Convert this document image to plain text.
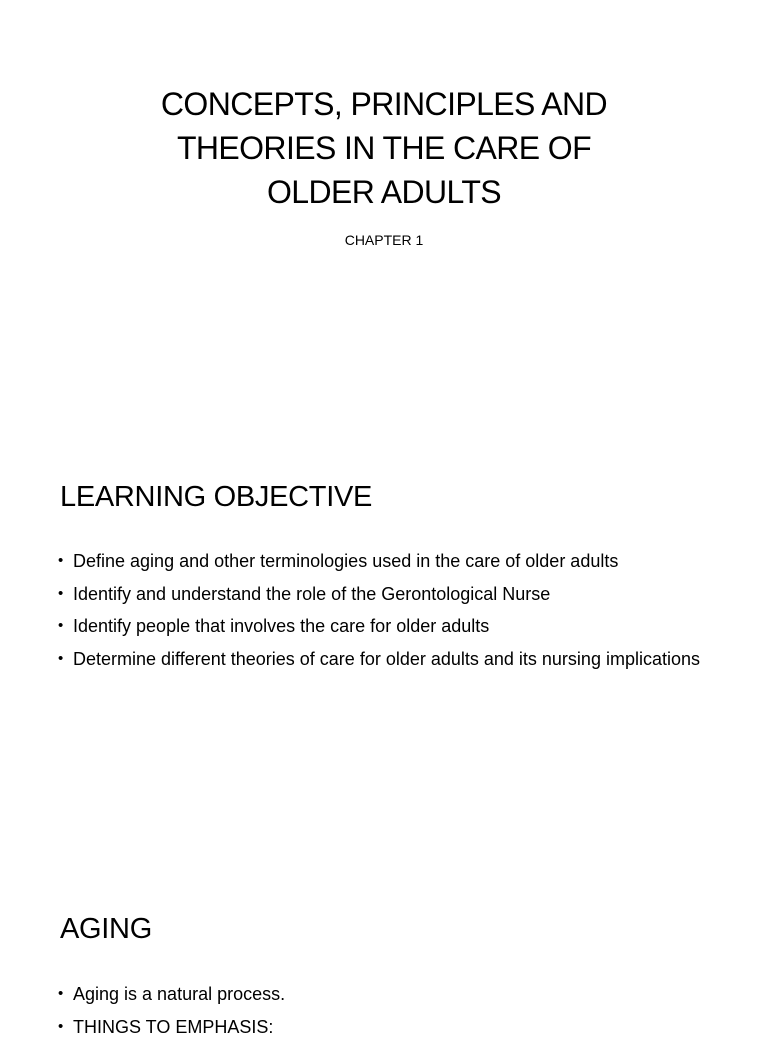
CONCEPTS, PRINCIPLES AND
THEORIES IN THE CARE OF
OLDER ADULTS

CHAPTER 1

LEARNING OBJECTIVE
• Define aging and other terminologies used in the care of older adults
• Identify and understand the role of the Gerontological Nurse
• Identify people that involves the care for older adults
• Determine different theories of care for older adults and its nursing implications
AGING
• Aging is a natural process.
• THINGS TO EMPHASIS:
